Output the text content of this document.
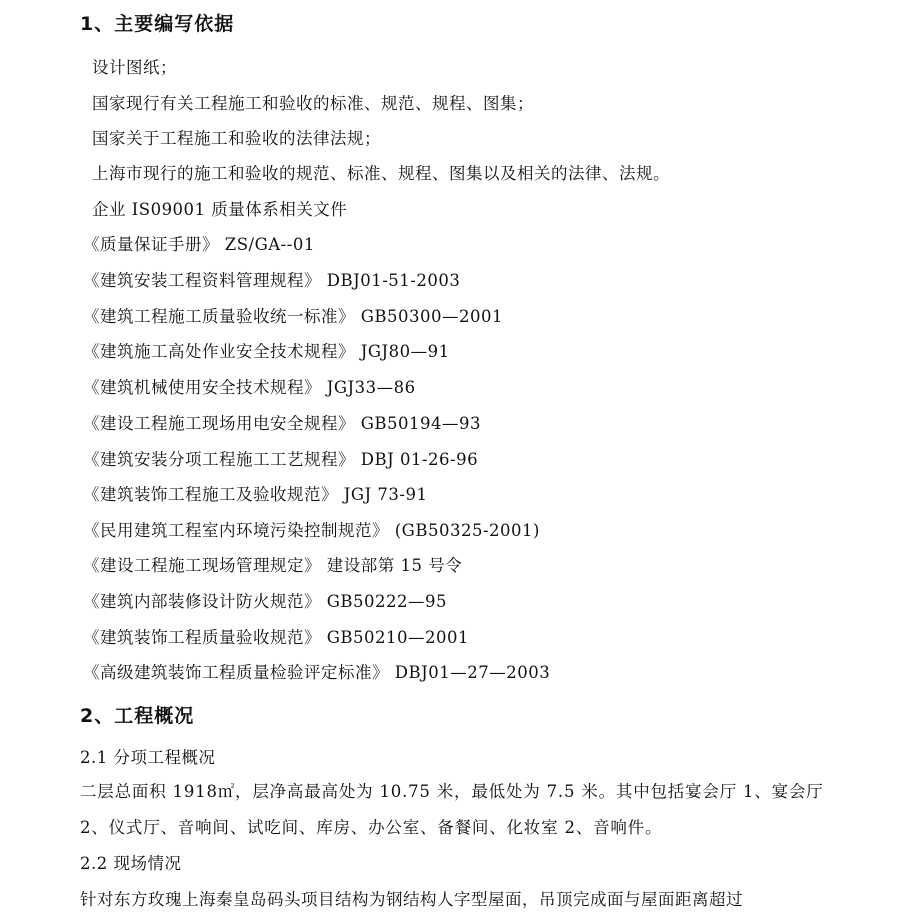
1、主要编写依据
设计图纸；
国家现行有关工程施工和验收的标准、规范、规程、图集；
国家关于工程施工和验收的法律法规；
上海市现行的施工和验收的规范、标准、规程、图集以及相关的法律、法规。
企业 IS09001 质量体系相关文件
《质量保证手册》 ZS/GA--01
《建筑安装工程资料管理规程》 DBJ01-51-2003
《建筑工程施工质量验收统一标准》 GB50300—2001
《建筑施工高处作业安全技术规程》 JGJ80—91
《建筑机械使用安全技术规程》 JGJ33—86
《建设工程施工现场用电安全规程》 GB50194—93
《建筑安装分项工程施工工艺规程》 DBJ 01-26-96
《建筑装饰工程施工及验收规范》 JGJ 73-91
《民用建筑工程室内环境污染控制规范》 (GB50325-2001)
《建设工程施工现场管理规定》 建设部第 15 号令
《建筑内部装修设计防火规范》 GB50222—95
《建筑装饰工程质量验收规范》 GB50210—2001
《高级建筑装饰工程质量检验评定标准》 DBJ01—27—2003
2、工程概况
2.1 分项工程概况
二层总面积 1918㎡，层净高最高处为 10.75 米，最低处为 7.5 米。其中包括宴会厅 1、宴会厅 2、仪式厅、音响间、试吃间、库房、办公室、备餐间、化妆室 2、音响件。
2.2 现场情况
针对东方玫瑰上海秦皇岛码头项目结构为钢结构人字型屋面，吊顶完成面与屋面距离超过
